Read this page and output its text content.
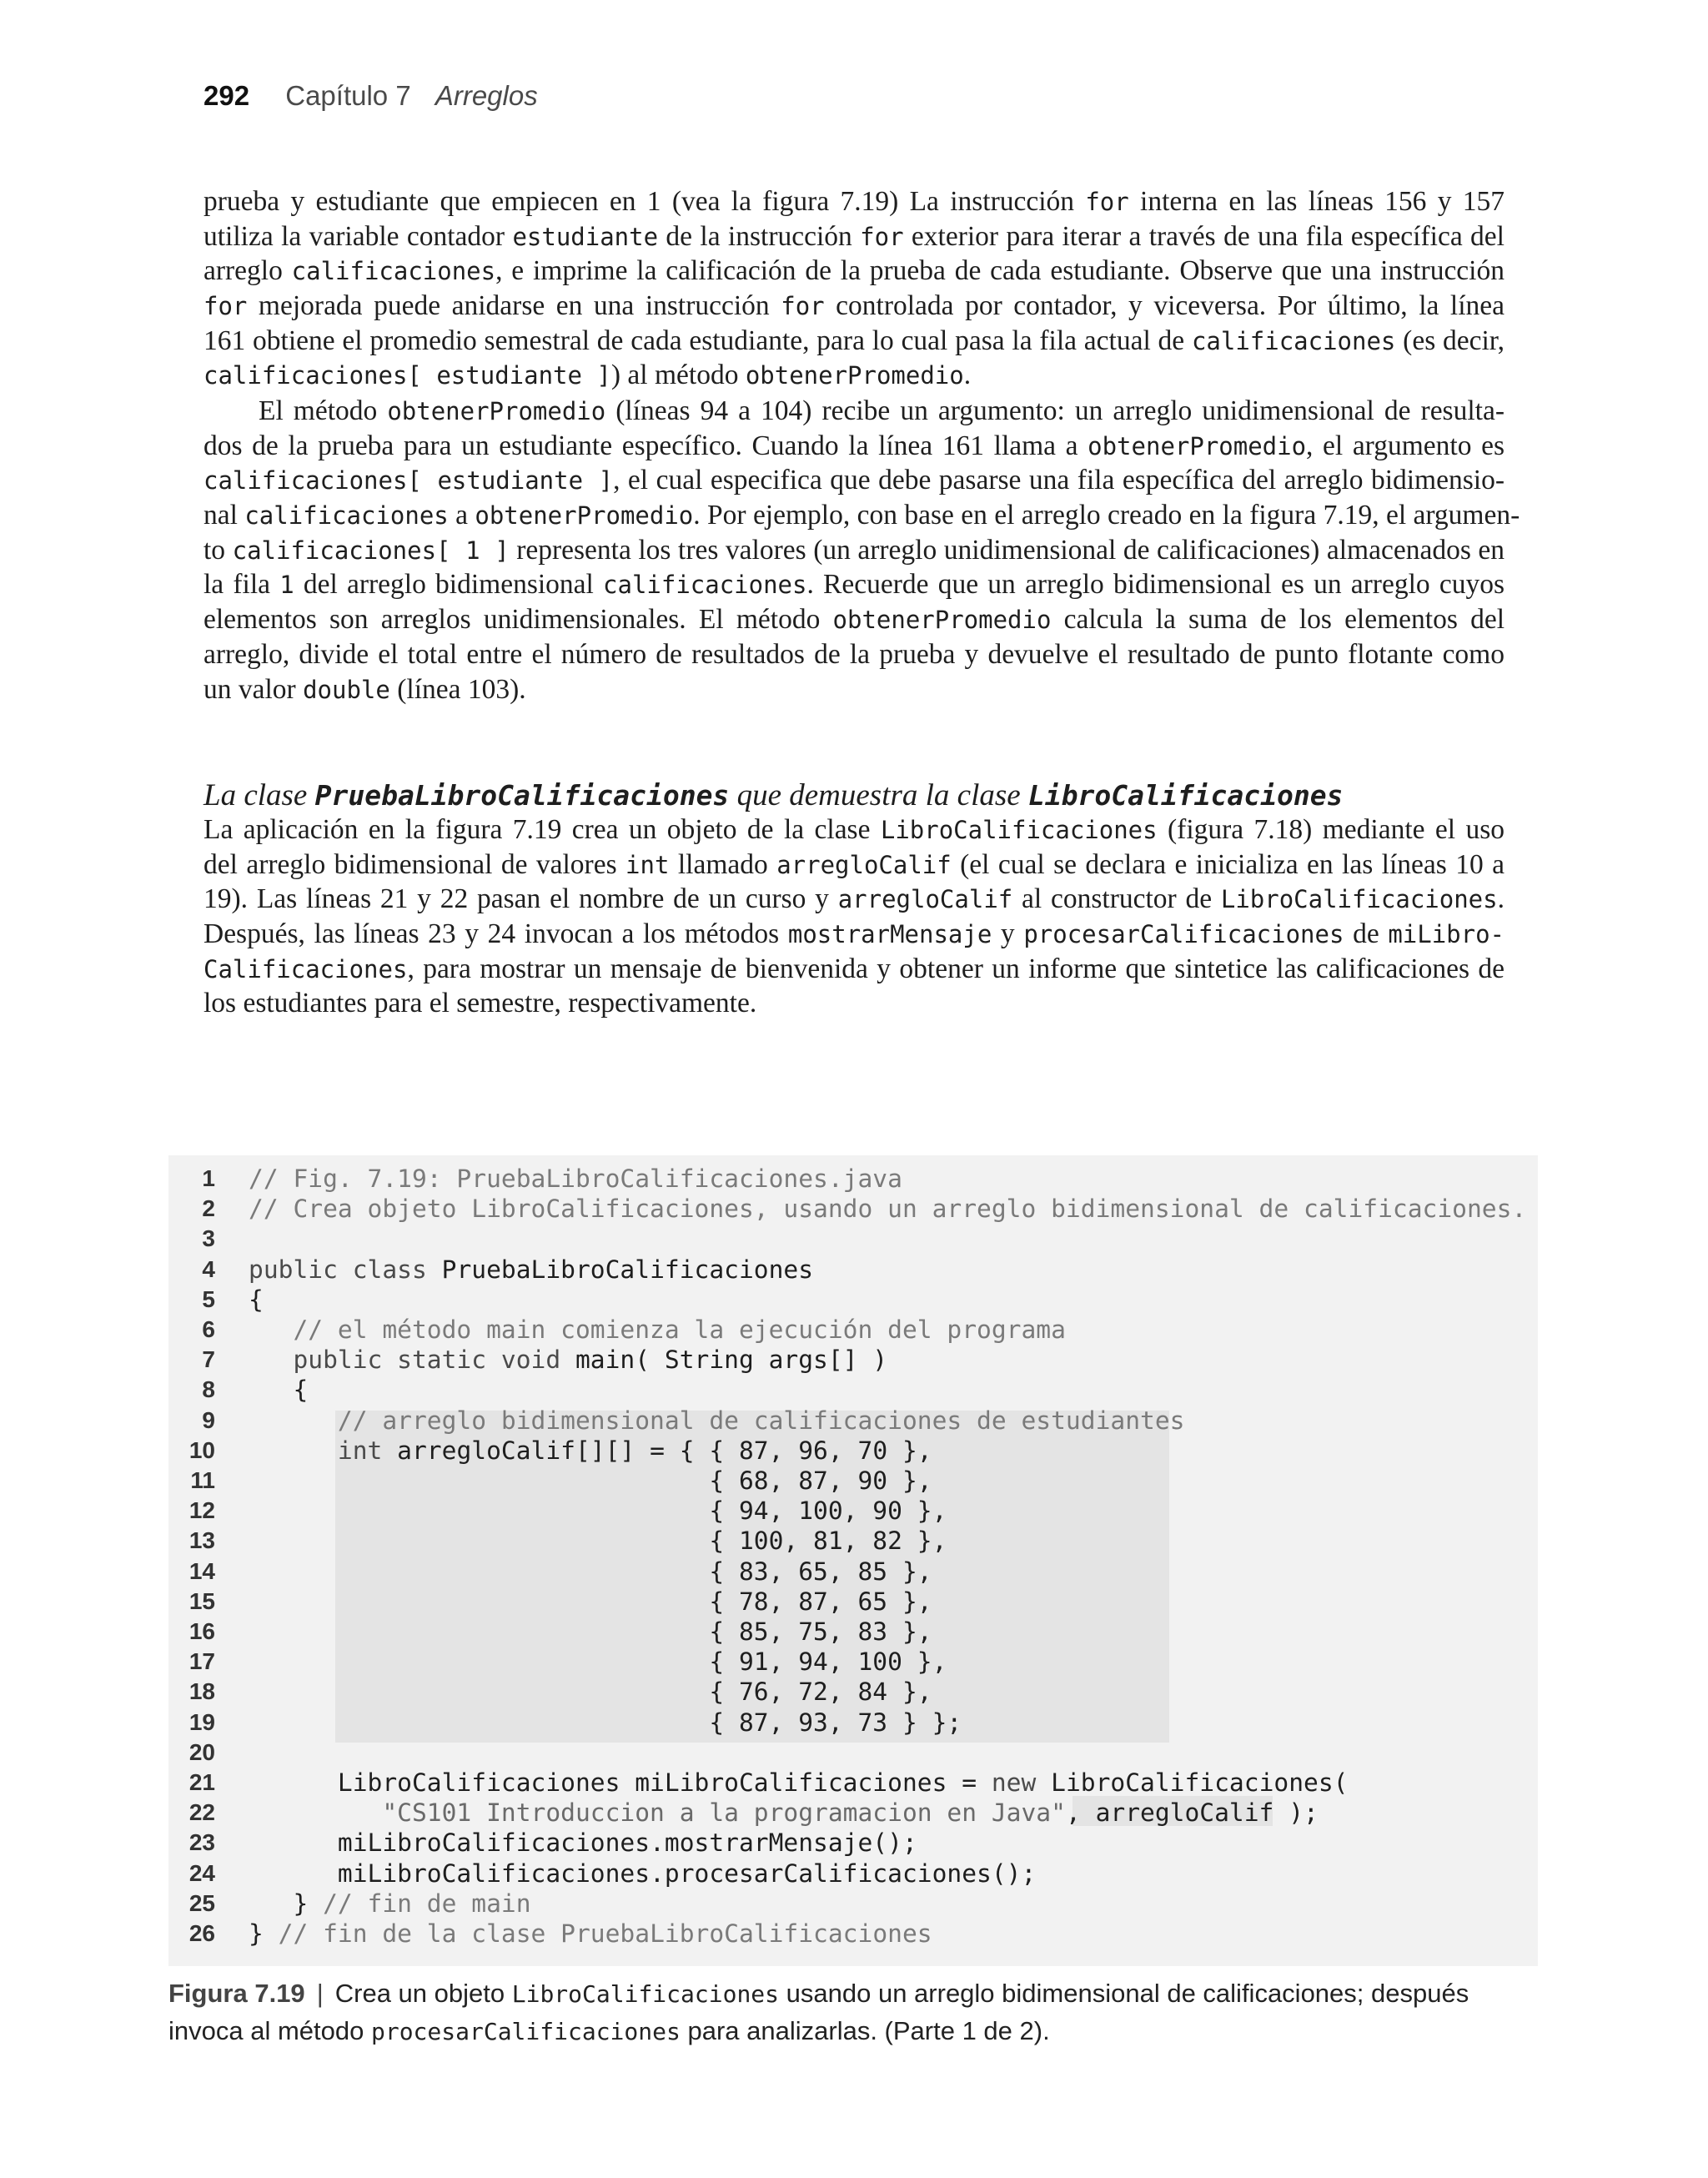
292 Capítulo 7 Arreglos
prueba y estudiante que empiecen en 1 (vea la figura 7.19) La instrucción for interna en las líneas 156 y 157
utiliza la variable contador estudiante de la instrucción for exterior para iterar a través de una fila específica del
arreglo calificaciones, e imprime la calificación de la prueba de cada estudiante. Observe que una instrucción
for mejorada puede anidarse en una instrucción for controlada por contador, y viceversa. Por último, la línea
161 obtiene el promedio semestral de cada estudiante, para lo cual pasa la fila actual de calificaciones (es decir,
calificaciones[ estudiante ]) al método obtenerPromedio.
El método obtenerPromedio (líneas 94 a 104) recibe un argumento: un arreglo unidimensional de resulta-
dos de la prueba para un estudiante específico. Cuando la línea 161 llama a obtenerPromedio, el argumento es
calificaciones[ estudiante ], el cual especifica que debe pasarse una fila específica del arreglo bidimensio-
nal calificaciones a obtenerPromedio. Por ejemplo, con base en el arreglo creado en la figura 7.19, el argumen-
to calificaciones[ 1 ] representa los tres valores (un arreglo unidimensional de calificaciones) almacenados en
la fila 1 del arreglo bidimensional calificaciones. Recuerde que un arreglo bidimensional es un arreglo cuyos
elementos son arreglos unidimensionales. El método obtenerPromedio calcula la suma de los elementos del
arreglo, divide el total entre el número de resultados de la prueba y devuelve el resultado de punto flotante como
un valor double (línea 103).
La clase PruebaLibroCalificaciones que demuestra la clase LibroCalificaciones
La aplicación en la figura 7.19 crea un objeto de la clase LibroCalificaciones (figura 7.18) mediante el uso
del arreglo bidimensional de valores int llamado arregloCalif (el cual se declara e inicializa en las líneas 10 a
19). Las líneas 21 y 22 pasan el nombre de un curso y arregloCalif al constructor de LibroCalificaciones.
Después, las líneas 23 y 24 invocan a los métodos mostrarMensaje y procesarCalificaciones de miLibro-
Calificaciones, para mostrar un mensaje de bienvenida y obtener un informe que sintetice las calificaciones de
los estudiantes para el semestre, respectivamente.
1 // Fig. 7.19: PruebaLibroCalificaciones.java
2 // Crea objeto LibroCalificaciones, usando un arreglo bidimensional de calificaciones.
3
4 public class PruebaLibroCalificaciones
5 {
6 // el método main comienza la ejecución del programa
7 public static void main( String args[] )
8 {
9 // arreglo bidimensional de calificaciones de estudiantes
10 int arregloCalif[][] = { { 87, 96, 70 },
11 { 68, 87, 90 },
12 { 94, 100, 90 },
13 { 100, 81, 82 },
14 { 83, 65, 85 },
15 { 78, 87, 65 },
16 { 85, 75, 83 },
17 { 91, 94, 100 },
18 { 76, 72, 84 },
19 { 87, 93, 73 } };
20
21 LibroCalificaciones miLibroCalificaciones = new LibroCalificaciones(
22 "CS101 Introduccion a la programacion en Java", arregloCalif );
23 miLibroCalificaciones.mostrarMensaje();
24 miLibroCalificaciones.procesarCalificaciones();
25 } // fin de main
26 } // fin de la clase PruebaLibroCalificaciones
Figura 7.19 | Crea un objeto LibroCalificaciones usando un arreglo bidimensional de calificaciones; después
invoca al método procesarCalificaciones para analizarlas. (Parte 1 de 2).
